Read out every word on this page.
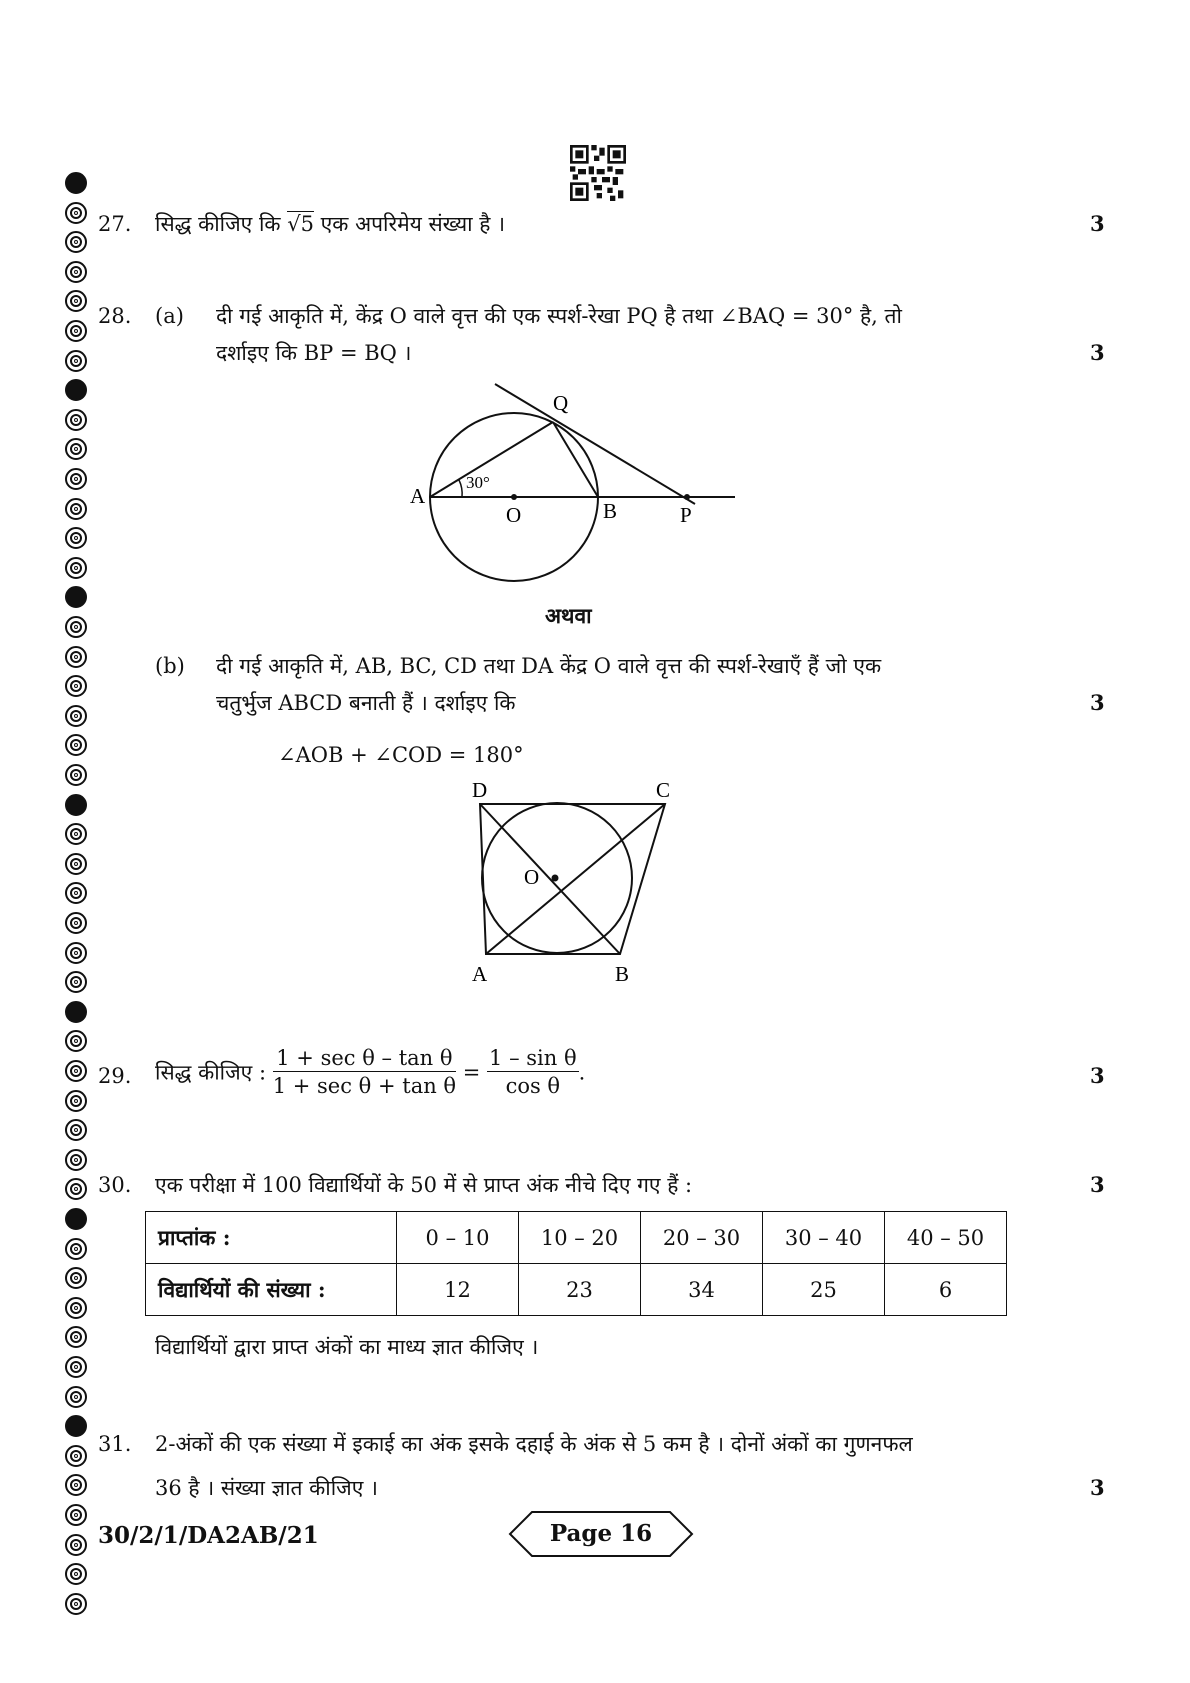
27. सिद्ध कीजिए कि √5 एक अपरिमेय संख्या है ।	3
28. (a) दी गई आकृति में, केंद्र O वाले वृत्त की एक स्पर्श-रेखा PQ है तथा ∠BAQ = 30° है, तो
दर्शाइए कि BP = BQ ।	3
A
O	B	P
Q
30°
अथवा
(b) दी गई आकृति में, AB, BC, CD तथा DA केंद्र O वाले वृत्त की स्पर्श-रेखाएँ हैं जो एक
चतुर्भुज ABCD बनाती हैं । दर्शाइए कि	3
∠AOB + ∠COD = 180°
D	C
A	B
O
29. सिद्ध कीजिए : $\frac{\text{1 + sec θ – tan θ}}{\text{1 + sec θ + tan θ}} = \frac{\text{1 – sin θ}}{\text{cos θ}}$ .	3
30. एक परीक्षा में 100 विद्यार्थियों के 50 में से प्राप्त अंक नीचे दिए गए हैं :	3
प्राप्तांक :	0 – 10	10 – 20	20 – 30	30 – 40	40 – 50
विद्यार्थियों की संख्या :	12	23	34	25	6
विद्यार्थियों द्वारा प्राप्त अंकों का माध्य ज्ञात कीजिए ।
31. 2-अंकों की एक संख्या में इकाई का अंक इसके दहाई के अंक से 5 कम है । दोनों अंकों का गुणनफल
36 है । संख्या ज्ञात कीजिए ।	3
30/2/1/DA2AB/21	Page 16
